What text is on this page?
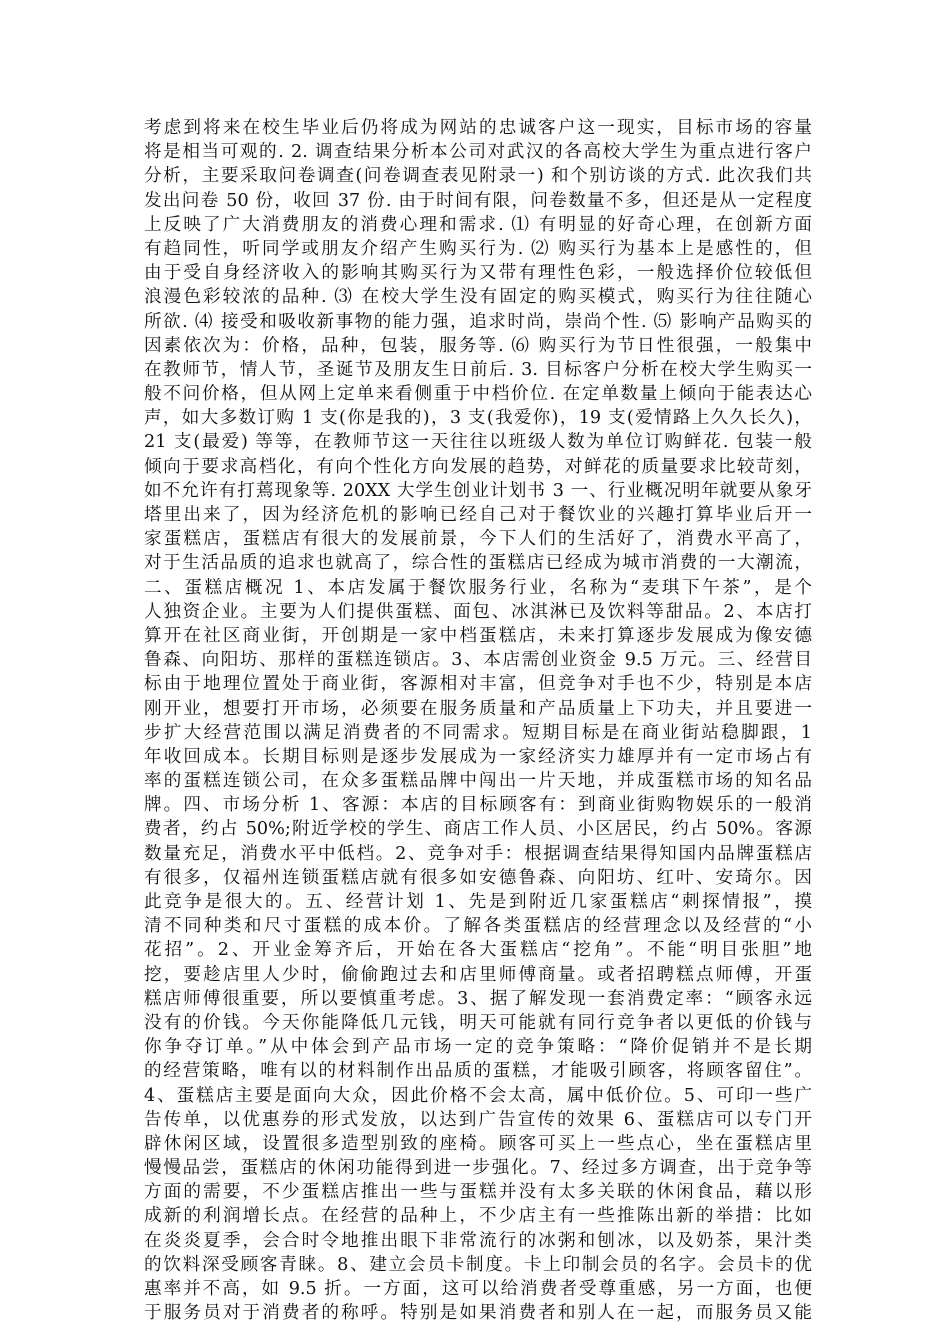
考虑到将来在校生毕业后仍将成为网站的忠诚客户这一现实，目标市场的容量
将是相当可观的. 2. 调查结果分析本公司对武汉的各高校大学生为重点进行客户
分析，主要采取问卷调查(问卷调查表见附录一) 和个别访谈的方式. 此次我们共
发出问卷 50 份，收回 37 份. 由于时间有限，问卷数量不多，但还是从一定程度
上反映了广大消费朋友的消费心理和需求. ⑴ 有明显的好奇心理，在创新方面
有趋同性，听同学或朋友介绍产生购买行为. ⑵ 购买行为基本上是感性的，但
由于受自身经济收入的影响其购买行为又带有理性色彩，一般选择价位较低但
浪漫色彩较浓的品种. ⑶ 在校大学生没有固定的购买模式，购买行为往往随心
所欲. ⑷ 接受和吸收新事物的能力强，追求时尚，崇尚个性. ⑸ 影响产品购买的
因素依次为：价格，品种，包装，服务等. ⑹ 购买行为节日性很强，一般集中
在教师节，情人节，圣诞节及朋友生日前后. 3. 目标客户分析在校大学生购买一
般不问价格，但从网上定单来看侧重于中档价位. 在定单数量上倾向于能表达心
声，如大多数订购 1 支(你是我的)，3 支(我爱你)，19 支(爱情路上久久长久)，
21 支(最爱) 等等，在教师节这一天往往以班级人数为单位订购鲜花. 包装一般
倾向于要求高档化，有向个性化方向发展的趋势，对鲜花的质量要求比较苛刻，
如不允许有打蔫现象等. 20XX 大学生创业计划书 3 一、行业概况明年就要从象牙
塔里出来了，因为经济危机的影响已经自己对于餐饮业的兴趣打算毕业后开一
家蛋糕店，蛋糕店有很大的发展前景，今下人们的生活好了，消费水平高了，
对于生活品质的追求也就高了，综合性的蛋糕店已经成为城市消费的一大潮流，
二、蛋糕店概况 1、本店发属于餐饮服务行业，名称为“麦琪下午茶”，是个
人独资企业。主要为人们提供蛋糕、面包、冰淇淋已及饮料等甜品。2、本店打
算开在社区商业街，开创期是一家中档蛋糕店，未来打算逐步发展成为像安德
鲁森、向阳坊、那样的蛋糕连锁店。3、本店需创业资金 9.5 万元。三、经营目
标由于地理位置处于商业街，客源相对丰富，但竞争对手也不少，特别是本店
刚开业，想要打开市场，必须要在服务质量和产品质量上下功夫，并且要进一
步扩大经营范围以满足消费者的不同需求。短期目标是在商业街站稳脚跟，1
年收回成本。长期目标则是逐步发展成为一家经济实力雄厚并有一定市场占有
率的蛋糕连锁公司，在众多蛋糕品牌中闯出一片天地，并成蛋糕市场的知名品
牌。四、市场分析 1、客源：本店的目标顾客有：到商业街购物娱乐的一般消
费者，约占 50%;附近学校的学生、商店工作人员、小区居民，约占 50%。客源
数量充足，消费水平中低档。2、竞争对手：根据调查结果得知国内品牌蛋糕店
有很多，仅福州连锁蛋糕店就有很多如安德鲁森、向阳坊、红叶、安琦尔。因
此竞争是很大的。五、经营计划 1、先是到附近几家蛋糕店“刺探情报”，摸
清不同种类和尺寸蛋糕的成本价。了解各类蛋糕店的经营理念以及经营的“小
花招”。2、开业金筹齐后，开始在各大蛋糕店“挖角”。不能“明目张胆”地
挖，要趁店里人少时，偷偷跑过去和店里师傅商量。或者招聘糕点师傅，开蛋
糕店师傅很重要，所以要慎重考虑。3、据了解发现一套消费定率：“顾客永远
没有的价钱。今天你能降低几元钱，明天可能就有同行竞争者以更低的价钱与
你争夺订单。”从中体会到产品市场一定的竞争策略：“降价促销并不是长期
的经营策略，唯有以的材料制作出品质的蛋糕，才能吸引顾客，将顾客留住”。
4、蛋糕店主要是面向大众，因此价格不会太高，属中低价位。5、可印一些广
告传单，以优惠券的形式发放，以达到广告宣传的效果 6、蛋糕店可以专门开
辟休闲区域，设置很多造型别致的座椅。顾客可买上一些点心，坐在蛋糕店里
慢慢品尝，蛋糕店的休闲功能得到进一步强化。7、经过多方调查，出于竞争等
方面的需要，不少蛋糕店推出一些与蛋糕并没有太多关联的休闲食品，藉以形
成新的利润增长点。在经营的品种上，不少店主有一些推陈出新的举措：比如
在炎炎夏季，会合时令地推出眼下非常流行的冰粥和刨冰，以及奶茶，果汁类
的饮料深受顾客青睐。8、建立会员卡制度。卡上印制会员的名字。会员卡的优
惠率并不高，如 9.5 折。一方面，这可以给消费者受尊重感，另一方面，也便
于服务员对于消费者的称呼。特别是如果消费者和别人在一起，而服务员又能
